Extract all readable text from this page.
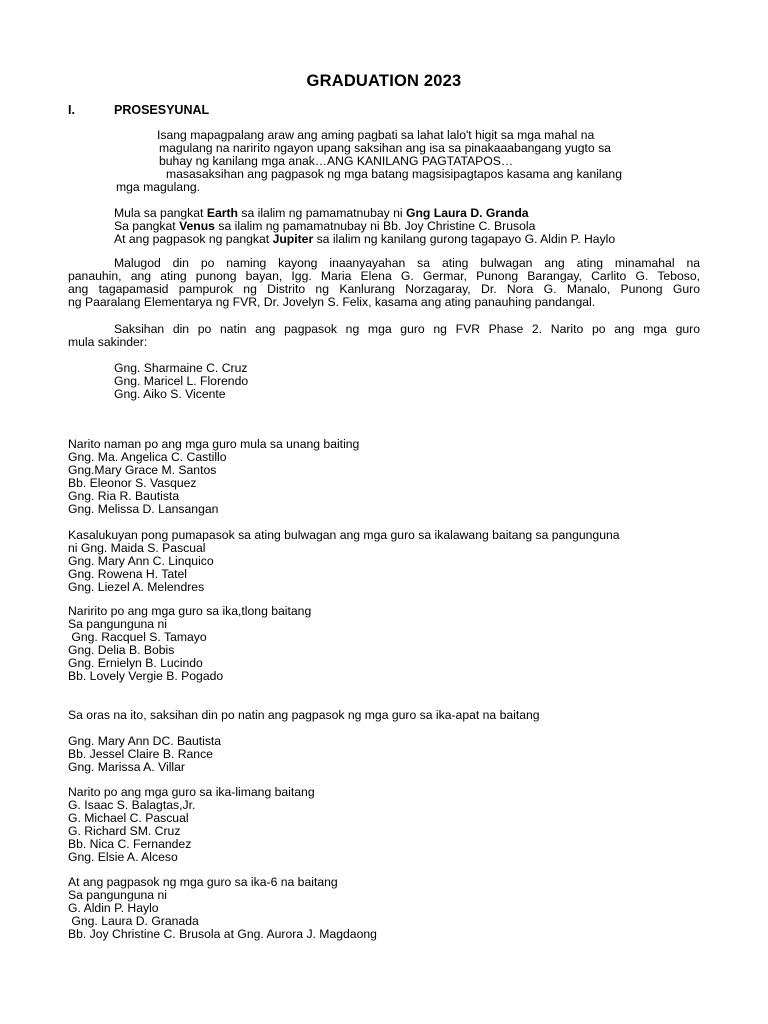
GRADUATION 2023
I.	PROSESYUNAL
Isang mapagpalang araw ang aming pagbati sa lahat lalo't higit sa mga mahal na
magulang na naririto ngayon upang saksihan ang isa sa pinakaaabangang yugto sa
buhay ng kanilang mga anak…ANG KANILANG PAGTATAPOS…
masasaksihan ang pagpasok ng mga batang magsisipagtapos kasama ang kanilang
mga magulang.
Mula sa pangkat Earth sa ilalim ng pamamatnubay ni Gng Laura D. Granda
Sa pangkat Venus sa ilalim ng pamamatnubay ni Bb. Joy Christine C. Brusola
At ang pagpasok ng pangkat Jupiter sa ilalim ng kanilang gurong tagapayo G. Aldin P. Haylo
Malugod din po naming kayong inaanyayahan sa ating bulwagan ang ating minamahal na
panauhin, ang ating punong bayan, Igg. Maria Elena G. Germar, Punong Barangay, Carlito G. Teboso,
ang tagapamasid pampurok ng Distrito ng Kanlurang Norzagaray, Dr. Nora G. Manalo, Punong Guro
ng Paaralang Elementarya ng FVR, Dr. Jovelyn S. Felix, kasama ang ating panauhing pandangal.
Saksihan din po natin ang pagpasok ng mga guro ng FVR Phase 2. Narito po ang mga guro
mula sakinder:
Gng. Sharmaine C. Cruz
Gng. Maricel L. Florendo
Gng. Aiko S. Vicente
Narito naman po ang mga guro mula sa unang baiting
Gng. Ma. Angelica C. Castillo
Gng.Mary Grace M. Santos
Bb. Eleonor S. Vasquez
Gng. Ria R. Bautista
Gng. Melissa D. Lansangan
Kasalukuyan pong pumapasok sa ating bulwagan ang mga guro sa ikalawang baitang sa pangunguna
ni Gng. Maida S. Pascual
Gng. Mary Ann C. Linquico
Gng. Rowena H. Tatel
Gng. Liezel A. Melendres
Naririto po ang mga guro sa ika,tlong baitang
Sa pangunguna ni
Gng. Racquel S. Tamayo
Gng. Delia B. Bobis
Gng. Ernielyn B. Lucindo
Bb. Lovely Vergie B. Pogado
Sa oras na ito, saksihan din po natin ang pagpasok ng mga guro sa ika-apat na baitang
Gng. Mary Ann DC. Bautista
Bb. Jessel Claire B. Rance
Gng. Marissa A. Villar
Narito po ang mga guro sa ika-limang baitang
G. Isaac S. Balagtas,Jr.
G. Michael C. Pascual
G. Richard SM. Cruz
Bb. Nica C. Fernandez
Gng. Elsie A. Alceso
At ang pagpasok ng mga guro sa ika-6 na baitang
Sa pangunguna ni
G. Aldin P. Haylo
Gng. Laura D. Granada
Bb. Joy Christine C. Brusola at Gng. Aurora J. Magdaong
